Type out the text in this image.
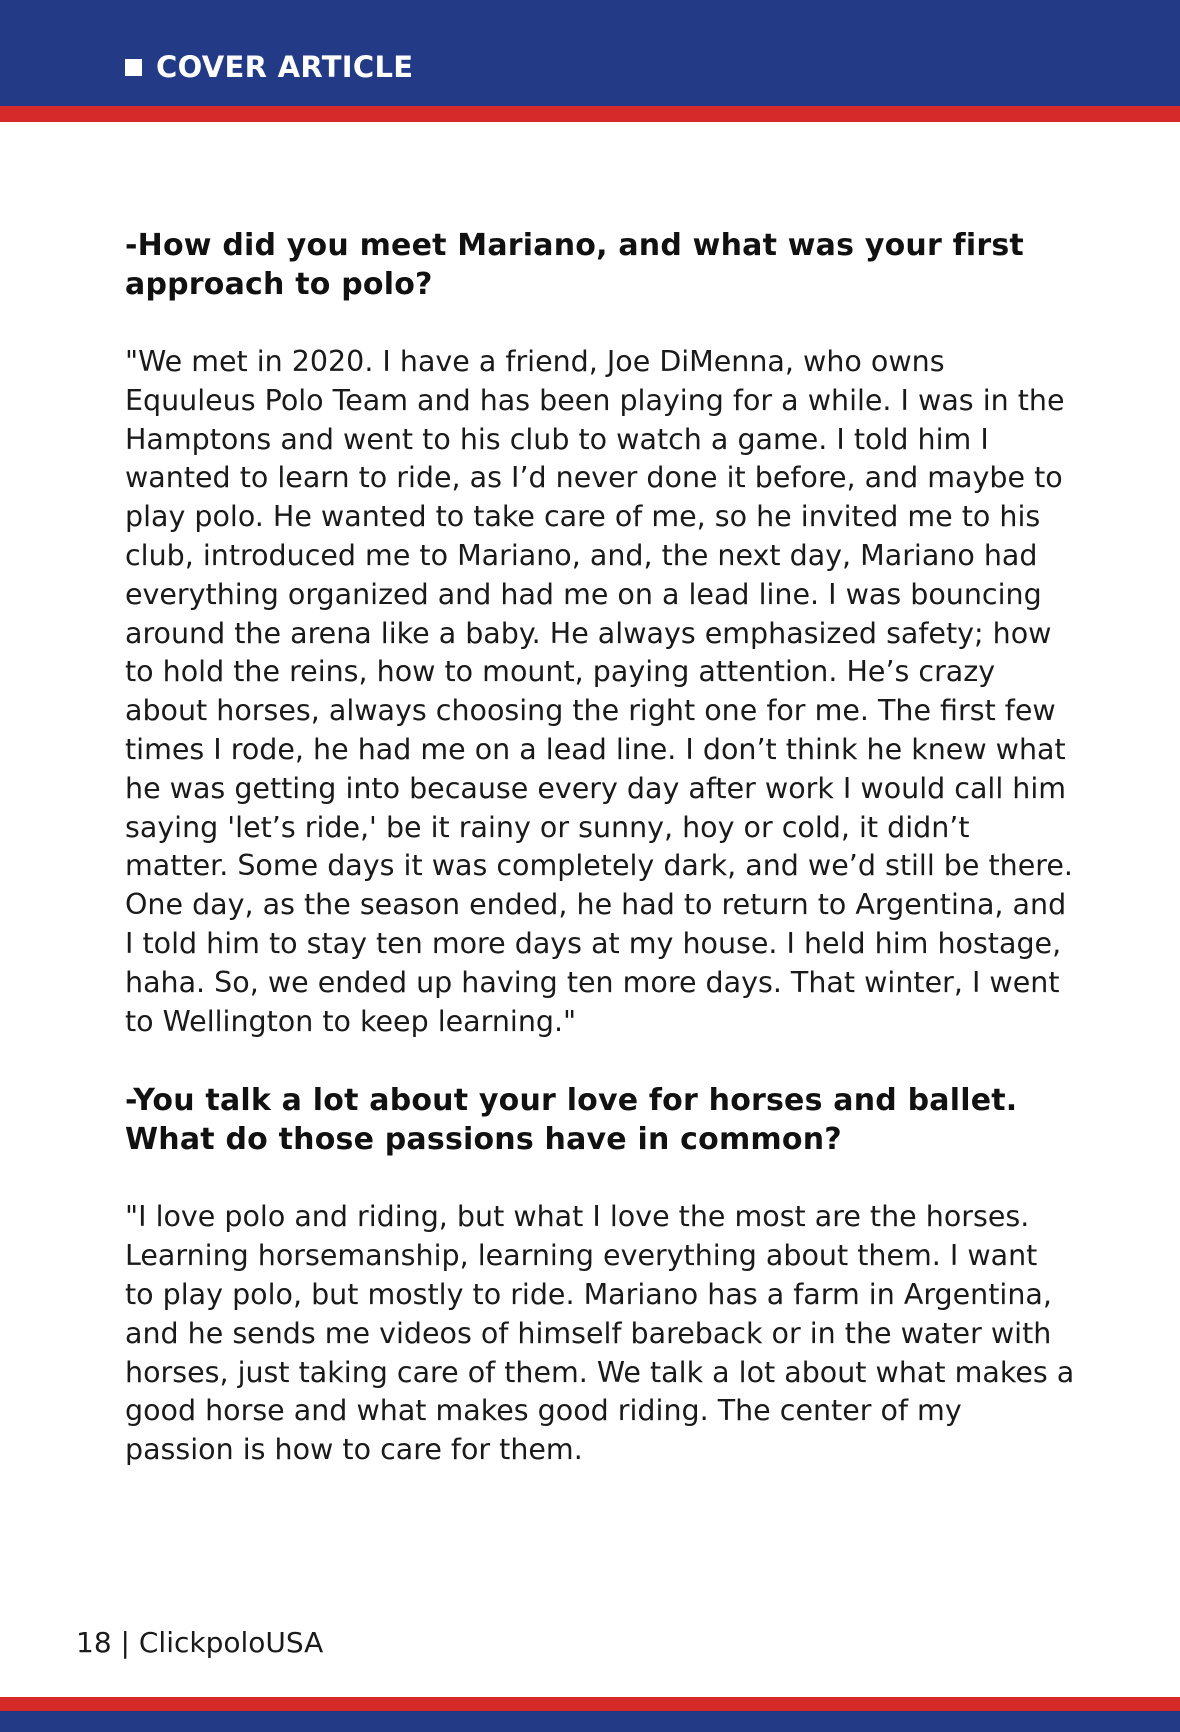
COVER ARTICLE

-How did you meet Mariano, and what was your first approach to polo?

"We met in 2020. I have a friend, Joe DiMenna, who owns Equuleus Polo Team and has been playing for a while. I was in the Hamptons and went to his club to watch a game. I told him I wanted to learn to ride, as I’d never done it before, and maybe to play polo. He wanted to take care of me, so he invited me to his club, introduced me to Mariano, and, the next day, Mariano had everything organized and had me on a lead line. I was bouncing around the arena like a baby. He always emphasized safety; how to hold the reins, how to mount, paying attention. He’s crazy about horses, always choosing the right one for me. The first few times I rode, he had me on a lead line. I don’t think he knew what he was getting into because every day after work I would call him saying 'let’s ride,' be it rainy or sunny, hoy or cold, it didn’t matter. Some days it was completely dark, and we’d still be there. One day, as the season ended, he had to return to Argentina, and I told him to stay ten more days at my house. I held him hostage, haha. So, we ended up having ten more days. That winter, I went to Wellington to keep learning."

-You talk a lot about your love for horses and ballet. What do those passions have in common?

"I love polo and riding, but what I love the most are the horses. Learning horsemanship, learning everything about them. I want to play polo, but mostly to ride. Mariano has a farm in Argentina, and he sends me videos of himself bareback or in the water with horses, just taking care of them. We talk a lot about what makes a good horse and what makes good riding. The center of my passion is how to care for them.

18 | ClickpoloUSA
